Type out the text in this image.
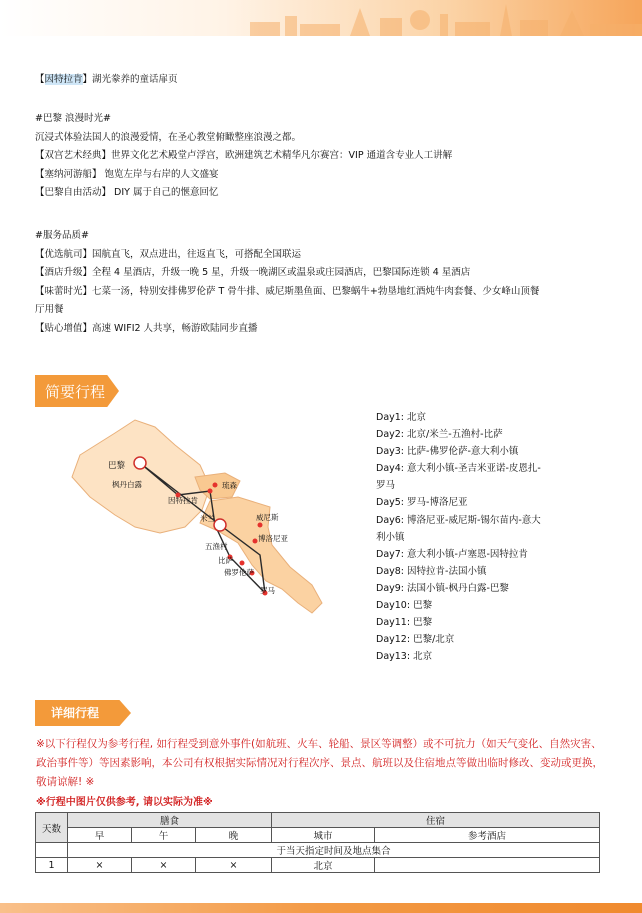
【因特拉肯】湖光豢养的童话扉页

#巴黎 浪漫时光#

沉浸式体验法国人的浪漫爱情，在圣心教堂俯瞰整座浪漫之都。

【双宫艺术经典】世界文化艺术殿堂卢浮宫，欧洲建筑艺术精华凡尔赛宫：VIP 通道含专业人工讲解

【塞纳河游船】 饱览左岸与右岸的人文盛宴

【巴黎自由活动】 DIY 属于自己的惬意回忆

#服务品质#

【优选航司】国航直飞，双点进出，往返直飞，可搭配全国联运

【酒店升级】全程 4 星酒店，升级一晚 5 星，升级一晚湖区或温泉或庄园酒店，巴黎国际连锁 4 星酒店

【味蕾时光】七菜一汤，特别安排佛罗伦萨 T 骨牛排、威尼斯墨鱼面、巴黎蜗牛+勃垦地红酒炖牛肉套餐、少女峰山顶餐

厅用餐

【贴心增值】高速 WIFI2 人共享，畅游欧陆同步直播

简要行程
巴黎
枫丹白露	琉森
因特拉肯
米兰	威尼斯
博洛尼亚
五渔村
比萨
佛罗伦萨
罗马

Day1: 北京

Day2: 北京/米兰-五渔村-比萨

Day3: 比萨-佛罗伦萨-意大利小镇

Day4: 意大利小镇-圣吉米亚诺-皮恩扎-

罗马

Day5: 罗马-博洛尼亚

Day6: 博洛尼亚-威尼斯-锡尔苗内-意大

利小镇

Day7: 意大利小镇-卢塞恩-因特拉肯

Day8: 因特拉肯-法国小镇

Day9: 法国小镇-枫丹白露-巴黎

Day10: 巴黎

Day11: 巴黎

Day12: 巴黎/北京

Day13: 北京

详细行程
※以下行程仅为参考行程, 如行程受到意外事件(如航班、火车、轮船、景区等调整）或不可抗力（如天气变化、自然灾害、政治事件等）等因素影响，本公司有权根据实际情况对行程次序、景点、航班以及住宿地点等做出临时修改、变动或更换，敬请谅解! ※
※行程中图片仅供参考, 请以实际为准※
天数	膳食			住宿	
	早	午	晚	城市	参考酒店
	于当天指定时间及地点集合				
1	×	×	×	北京	
